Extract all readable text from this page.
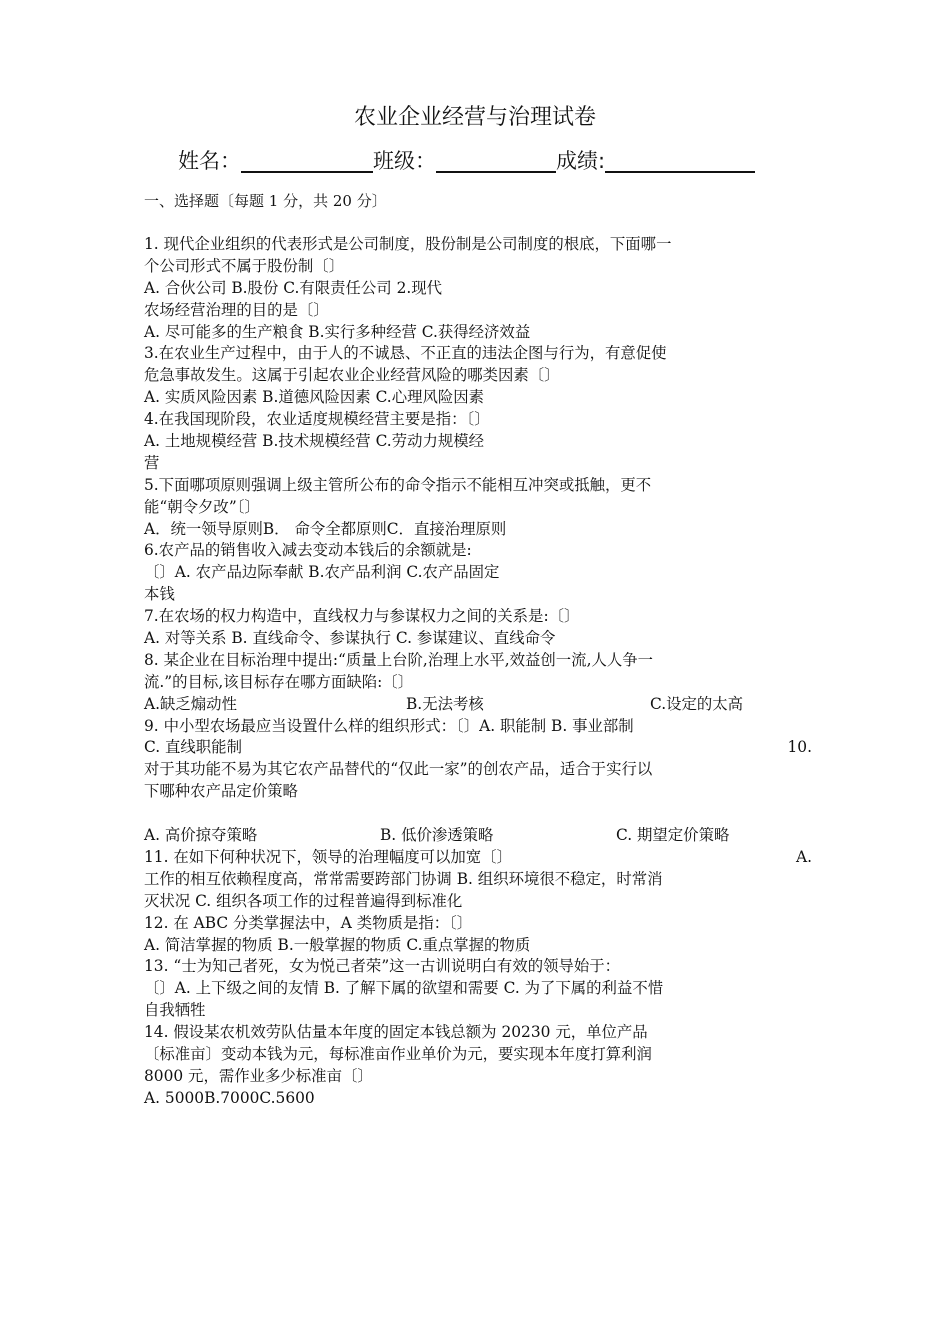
农业企业经营与治理试卷
姓名：	班级：	成绩:
一、选择题〔每题 1 分，共 20 分〕
1. 现代企业组织的代表形式是公司制度，股份制是公司制度的根底，下面哪一
个公司形式不属于股份制〔〕
A. 合伙公司 B.股份 C.有限责任公司 2.现代
农场经营治理的目的是〔〕
A. 尽可能多的生产粮食 B.实行多种经营 C.获得经济效益
3.在农业生产过程中，由于人的不诚恳、不正直的违法企图与行为，有意促使
危急事故发生。这属于引起农业企业经营风险的哪类因素〔〕
A. 实质风险因素 B.道德风险因素 C.心理风险因素
4.在我国现阶段，农业适度规模经营主要是指：〔〕
A. 土地规模经营 B.技术规模经营 C.劳动力规模经
营
5.下面哪项原则强调上级主管所公布的命令指示不能相互冲突或抵触，更不
能“朝令夕改”〔〕
A．统一领导原则B． 命令全都原则C．直接治理原则
6.农产品的销售收入减去变动本钱后的余额就是:
〔〕A. 农产品边际奉献 B.农产品利润 C.农产品固定
本钱
7.在农场的权力构造中，直线权力与参谋权力之间的关系是:〔〕
A. 对等关系 B. 直线命令、参谋执行 C. 参谋建议、直线命令
8. 某企业在目标治理中提出:“质量上台阶,治理上水平,效益创一流,人人争一
流.”的目标,该目标存在哪方面缺陷:〔〕
A.缺乏煽动性	B.无法考核	C.设定的太高
9. 中小型农场最应当设置什么样的组织形式：〔〕A. 职能制 B. 事业部制
C. 直线职能制	10.
对于其功能不易为其它农产品替代的“仅此一家”的创农产品，适合于实行以
下哪种农产品定价策略
A. 高价掠夺策略	B. 低价渗透策略	C. 期望定价策略
11. 在如下何种状况下，领导的治理幅度可以加宽〔〕	A.
工作的相互依赖程度高，常常需要跨部门协调 B. 组织环境很不稳定，时常消
灭状况 C. 组织各项工作的过程普遍得到标准化
12. 在 ABC 分类掌握法中，A 类物质是指：〔〕
A. 简洁掌握的物质 B.一般掌握的物质 C.重点掌握的物质
13. “士为知己者死，女为悦己者荣”这一古训说明白有效的领导始于：
〔〕A. 上下级之间的友情 B. 了解下属的欲望和需要 C. 为了下属的利益不惜
自我牺牲
14. 假设某农机效劳队估量本年度的固定本钱总额为 20230 元，单位产品
〔标准亩〕变动本钱为元，每标准亩作业单价为元，要实现本年度打算利润
8000 元，需作业多少标准亩〔〕
A. 5000B.7000C.5600
